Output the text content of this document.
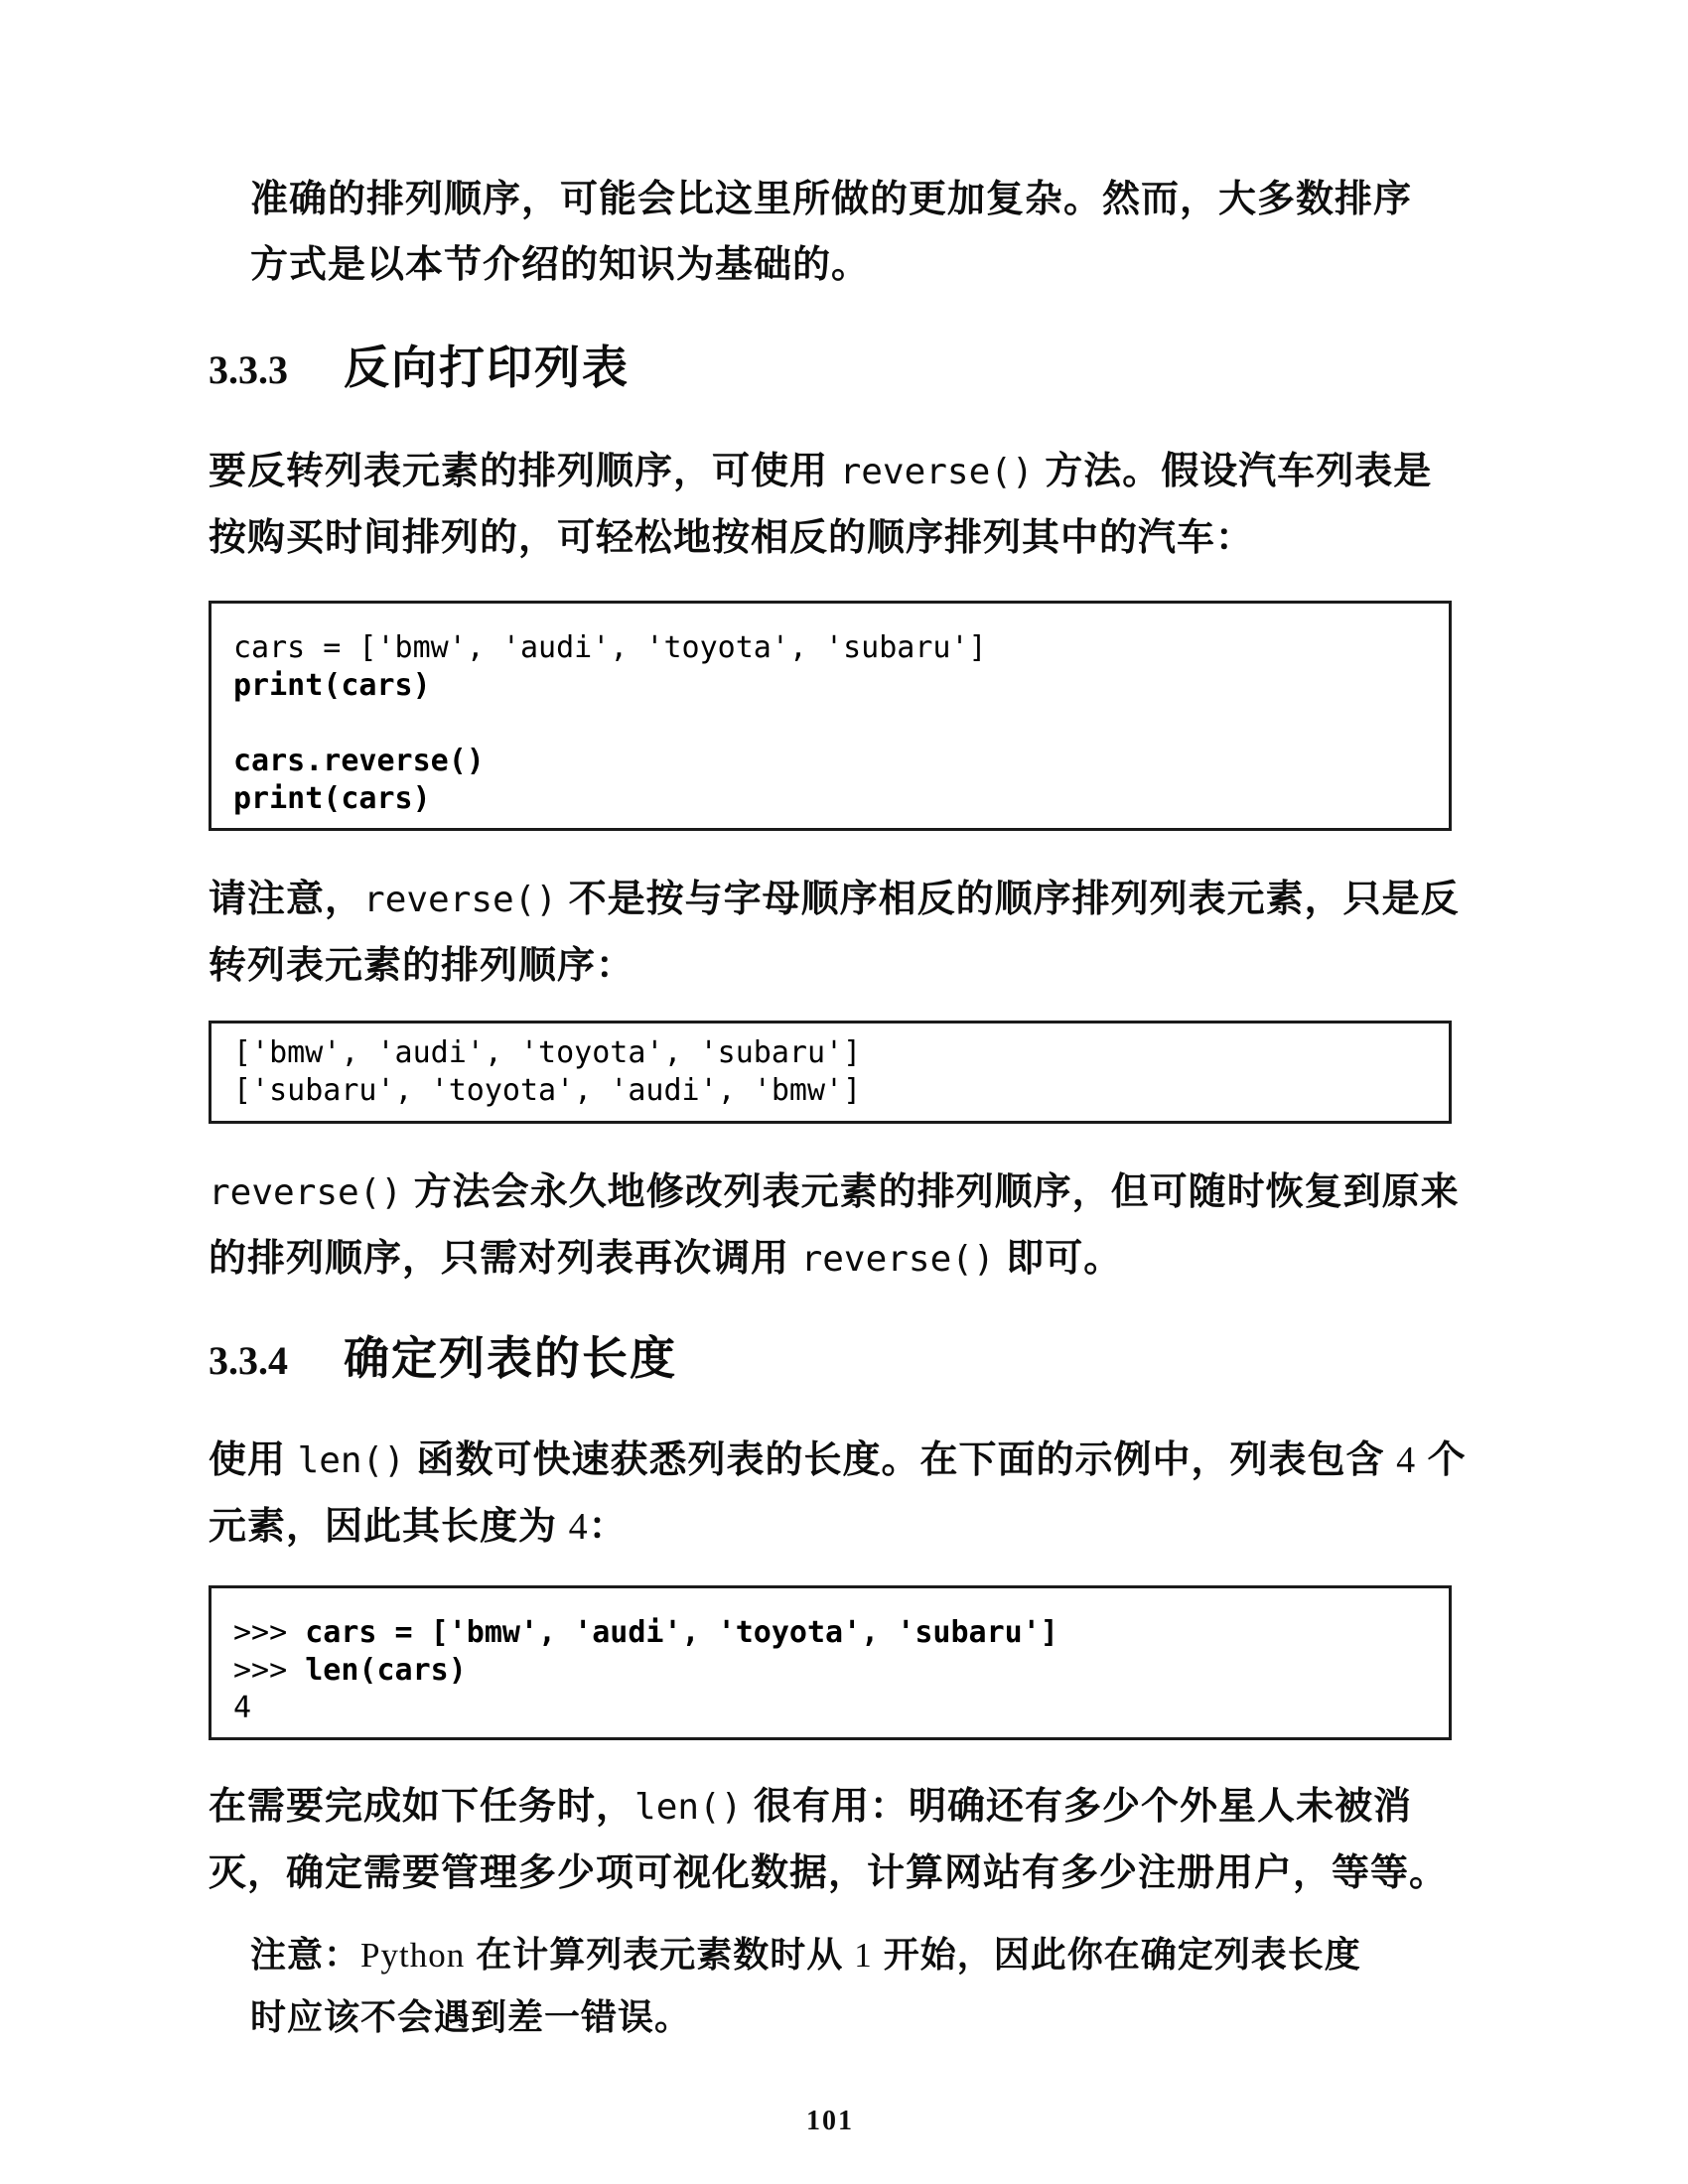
准确的排列顺序，可能会比这里所做的更加复杂。然而，大多数排序
方式是以本节介绍的知识为基础的。
3.3.3 反向打印列表
要反转列表元素的排列顺序，可使用 reverse() 方法。假设汽车列表是
按购买时间排列的，可轻松地按相反的顺序排列其中的汽车：
cars = ['bmw', 'audi', 'toyota', 'subaru']
print(cars)

cars.reverse()
print(cars)
请注意，reverse() 不是按与字母顺序相反的顺序排列列表元素，只是反
转列表元素的排列顺序：
['bmw', 'audi', 'toyota', 'subaru']
['subaru', 'toyota', 'audi', 'bmw']
reverse() 方法会永久地修改列表元素的排列顺序，但可随时恢复到原来
的排列顺序，只需对列表再次调用 reverse() 即可。
3.3.4 确定列表的长度
使用 len() 函数可快速获悉列表的长度。在下面的示例中，列表包含 4 个
元素，因此其长度为 4：
>>> cars = ['bmw', 'audi', 'toyota', 'subaru']
>>> len(cars)
4
在需要完成如下任务时，len() 很有用：明确还有多少个外星人未被消
灭，确定需要管理多少项可视化数据，计算网站有多少注册用户，等等。
注意：Python 在计算列表元素数时从 1 开始，因此你在确定列表长度
时应该不会遇到差一错误。
101
